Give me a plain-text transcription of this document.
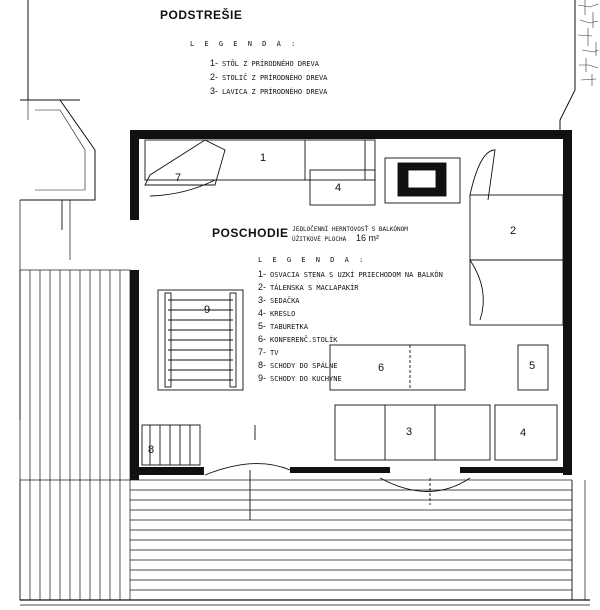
PODSTREŠIE
L E G E N D A :
1- STÔL Z PRÍRODNÉHO DREVA
2- STOLIČ Z PRÍRODNÉHO DREVA
3- LAVICA Z PRÍRODNÉHO DREVA
POSCHODIE
- JEDLOČENNÍ HERNTOVOSŤ S BALKÓNOM
ÚŽITKOVÉ PLOCHA 16 m²
L E G E N D A :
1- OSVACIA STENA S UZKÍ PRIECHODOM NA BALKÓN
2- TÁLENSKA S MACLAPAKÍR
3- SEDAČKA
4- KRESLO
5- TABURETKA
6- KONFERENČ.STOLÍK
7- TV
8- SCHODY DO SPÁLNE
9- SCHODY DO KUCHYNE
1
2
3
4
4
5
6
7
8
9
